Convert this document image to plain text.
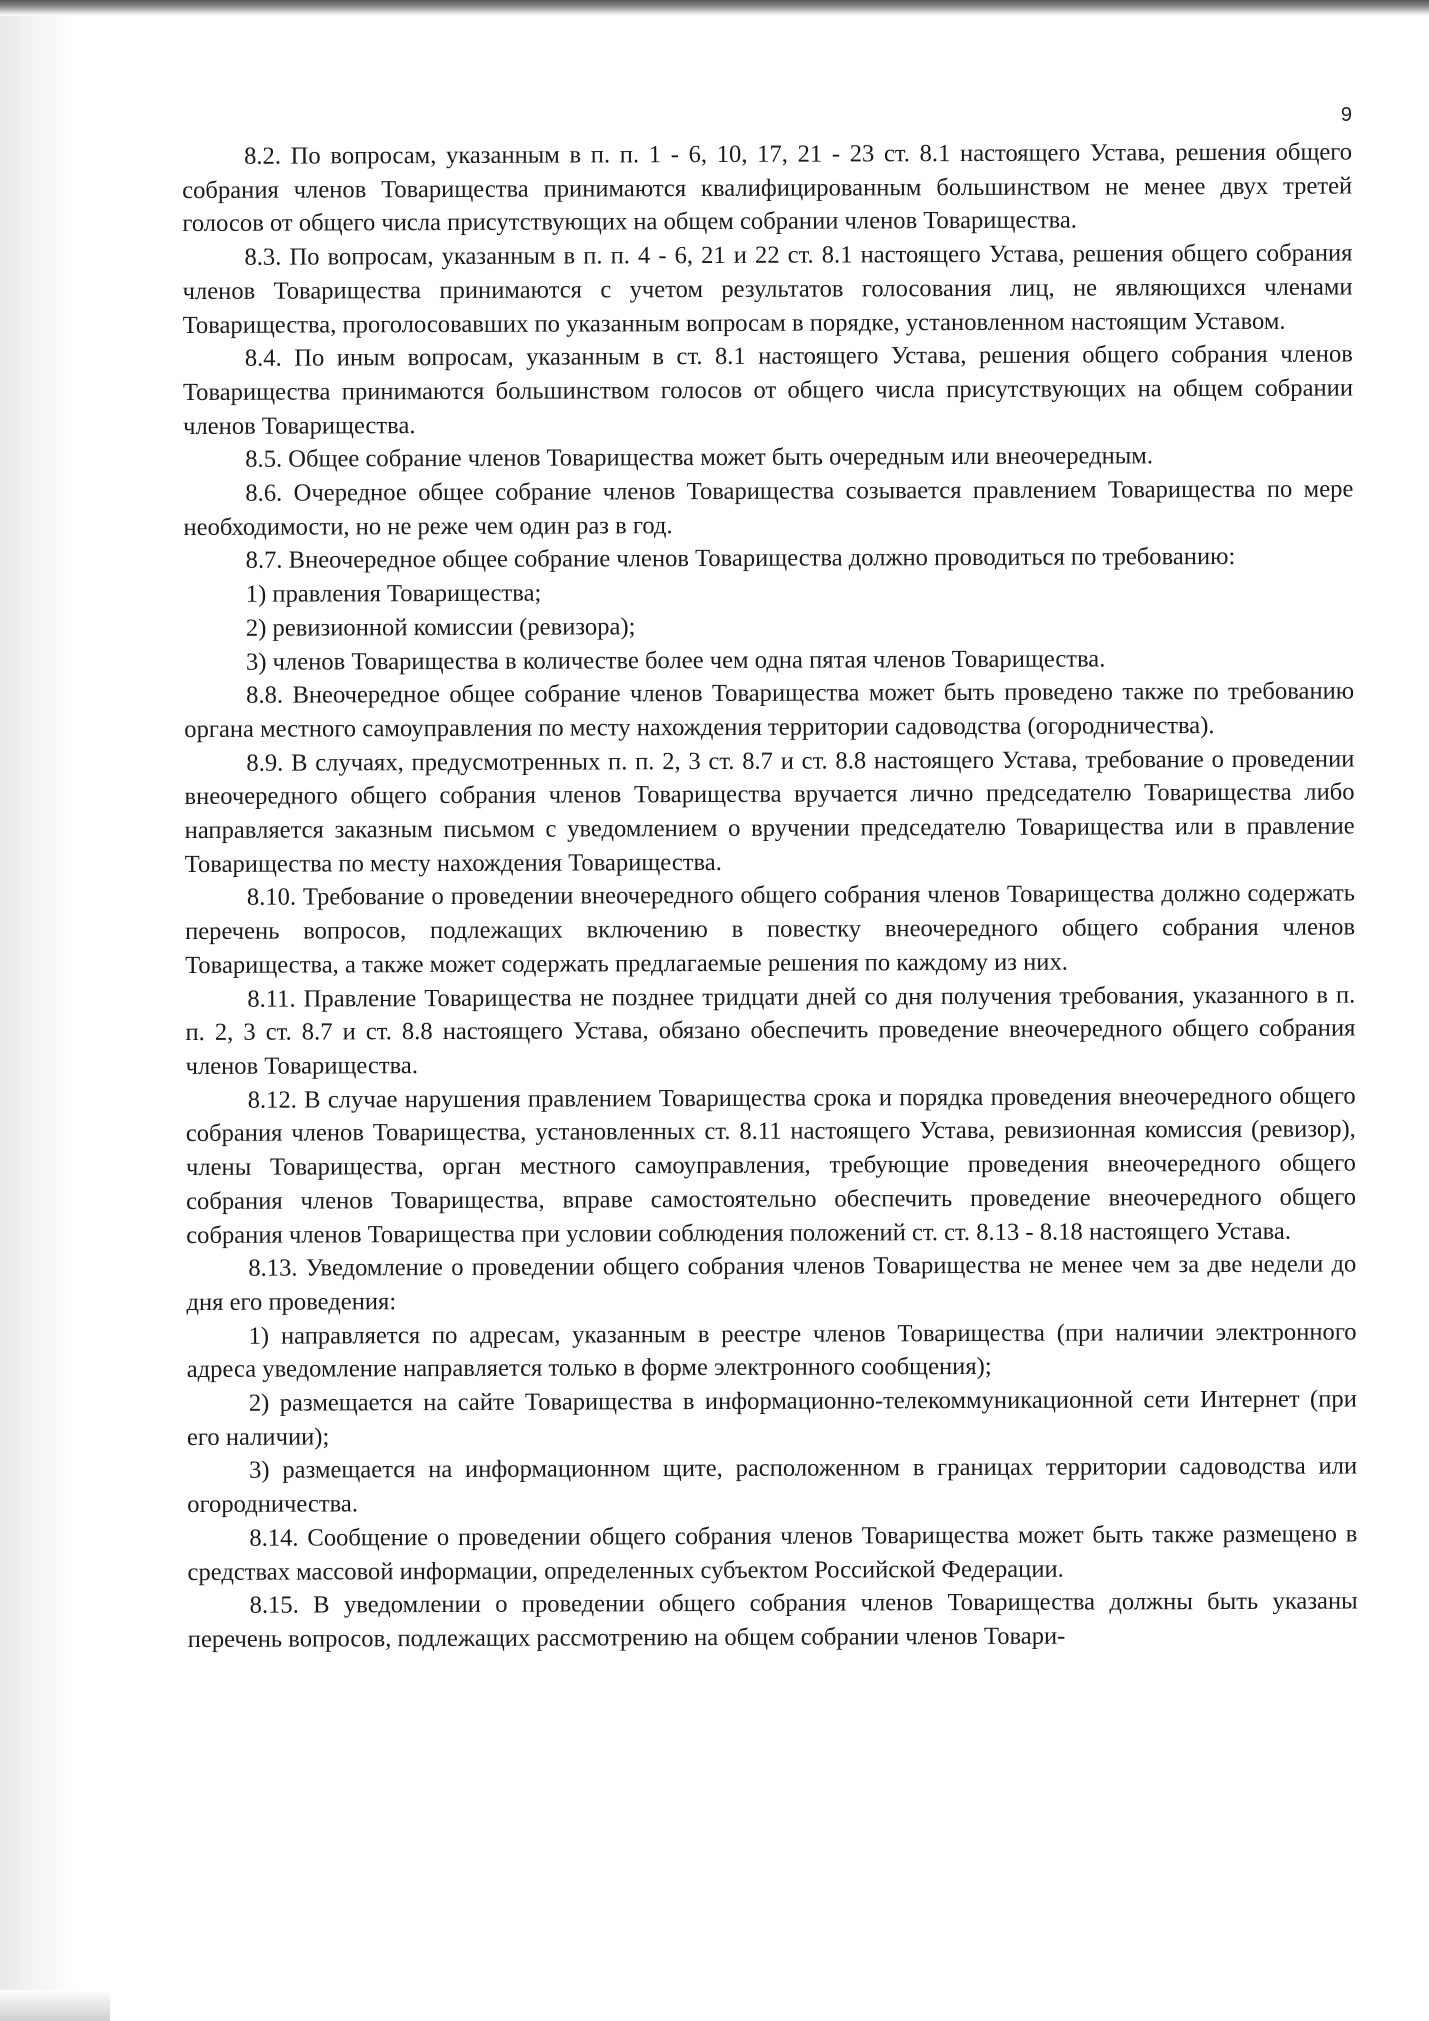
9

8.2. По вопросам, указанным в п. п. 1 - 6, 10, 17, 21 - 23 ст. 8.1 настоящего Устава, решения общего собрания членов Товарищества принимаются квалифицированным большинством не менее двух третей голосов от общего числа присутствующих на общем собрании членов Товарищества.

8.3. По вопросам, указанным в п. п. 4 - 6, 21 и 22 ст. 8.1 настоящего Устава, решения общего собрания членов Товарищества принимаются с учетом результатов голосования лиц, не являющихся членами Товарищества, проголосовавших по указанным вопросам в порядке, установленном настоящим Уставом.

8.4. По иным вопросам, указанным в ст. 8.1 настоящего Устава, решения общего собрания членов Товарищества принимаются большинством голосов от общего числа присутствующих на общем собрании членов Товарищества.

8.5. Общее собрание членов Товарищества может быть очередным или внеочередным.

8.6. Очередное общее собрание членов Товарищества созывается правлением Товарищества по мере необходимости, но не реже чем один раз в год.

8.7. Внеочередное общее собрание членов Товарищества должно проводиться по требованию:

1) правления Товарищества;

2) ревизионной комиссии (ревизора);

3) членов Товарищества в количестве более чем одна пятая членов Товарищества.

8.8. Внеочередное общее собрание членов Товарищества может быть проведено также по требованию органа местного самоуправления по месту нахождения территории садоводства (огородничества).

8.9. В случаях, предусмотренных п. п. 2, 3 ст. 8.7 и ст. 8.8 настоящего Устава, требование о проведении внеочередного общего собрания членов Товарищества вручается лично председателю Товарищества либо направляется заказным письмом с уведомлением о вручении председателю Товарищества или в правление Товарищества по месту нахождения Товарищества.

8.10. Требование о проведении внеочередного общего собрания членов Товарищества должно содержать перечень вопросов, подлежащих включению в повестку внеочередного общего собрания членов Товарищества, а также может содержать предлагаемые решения по каждому из них.

8.11. Правление Товарищества не позднее тридцати дней со дня получения требования, указанного в п. п. 2, 3 ст. 8.7 и ст. 8.8 настоящего Устава, обязано обеспечить проведение внеочередного общего собрания членов Товарищества.

8.12. В случае нарушения правлением Товарищества срока и порядка проведения внеочередного общего собрания членов Товарищества, установленных ст. 8.11 настоящего Устава, ревизионная комиссия (ревизор), члены Товарищества, орган местного самоуправления, требующие проведения внеочередного общего собрания членов Товарищества, вправе самостоятельно обеспечить проведение внеочередного общего собрания членов Товарищества при условии соблюдения положений ст. ст. 8.13 - 8.18 настоящего Устава.

8.13. Уведомление о проведении общего собрания членов Товарищества не менее чем за две недели до дня его проведения:

1) направляется по адресам, указанным в реестре членов Товарищества (при наличии электронного адреса уведомление направляется только в форме электронного сообщения);

2) размещается на сайте Товарищества в информационно-телекоммуникационной сети Интернет (при его наличии);

3) размещается на информационном щите, расположенном в границах территории садоводства или огородничества.

8.14. Сообщение о проведении общего собрания членов Товарищества может быть также размещено в средствах массовой информации, определенных субъектом Российской Федерации.

8.15. В уведомлении о проведении общего собрания членов Товарищества должны быть указаны перечень вопросов, подлежащих рассмотрению на общем собрании членов Товари-
